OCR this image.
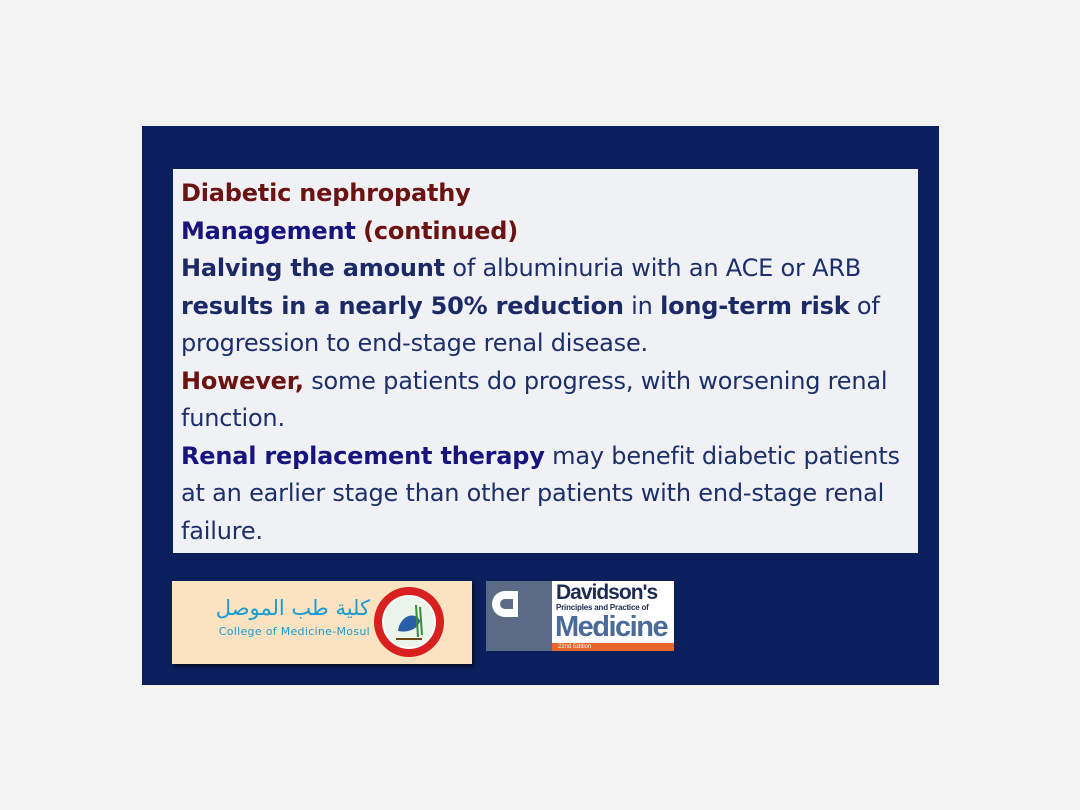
Diabetic nephropathy

Management (continued)

Halving the amount of albuminuria with an ACE or ARB results in a nearly 50% reduction in long-term risk of progression to end-stage renal disease.

However, some patients do progress, with worsening renal function.

Renal replacement therapy may benefit diabetic patients at an earlier stage than other patients with end-stage renal failure.

كلية طب الموصل
College of Medicine-Mosul
Davidson's
Principles and Practice of
Medicine
22nd Edition
